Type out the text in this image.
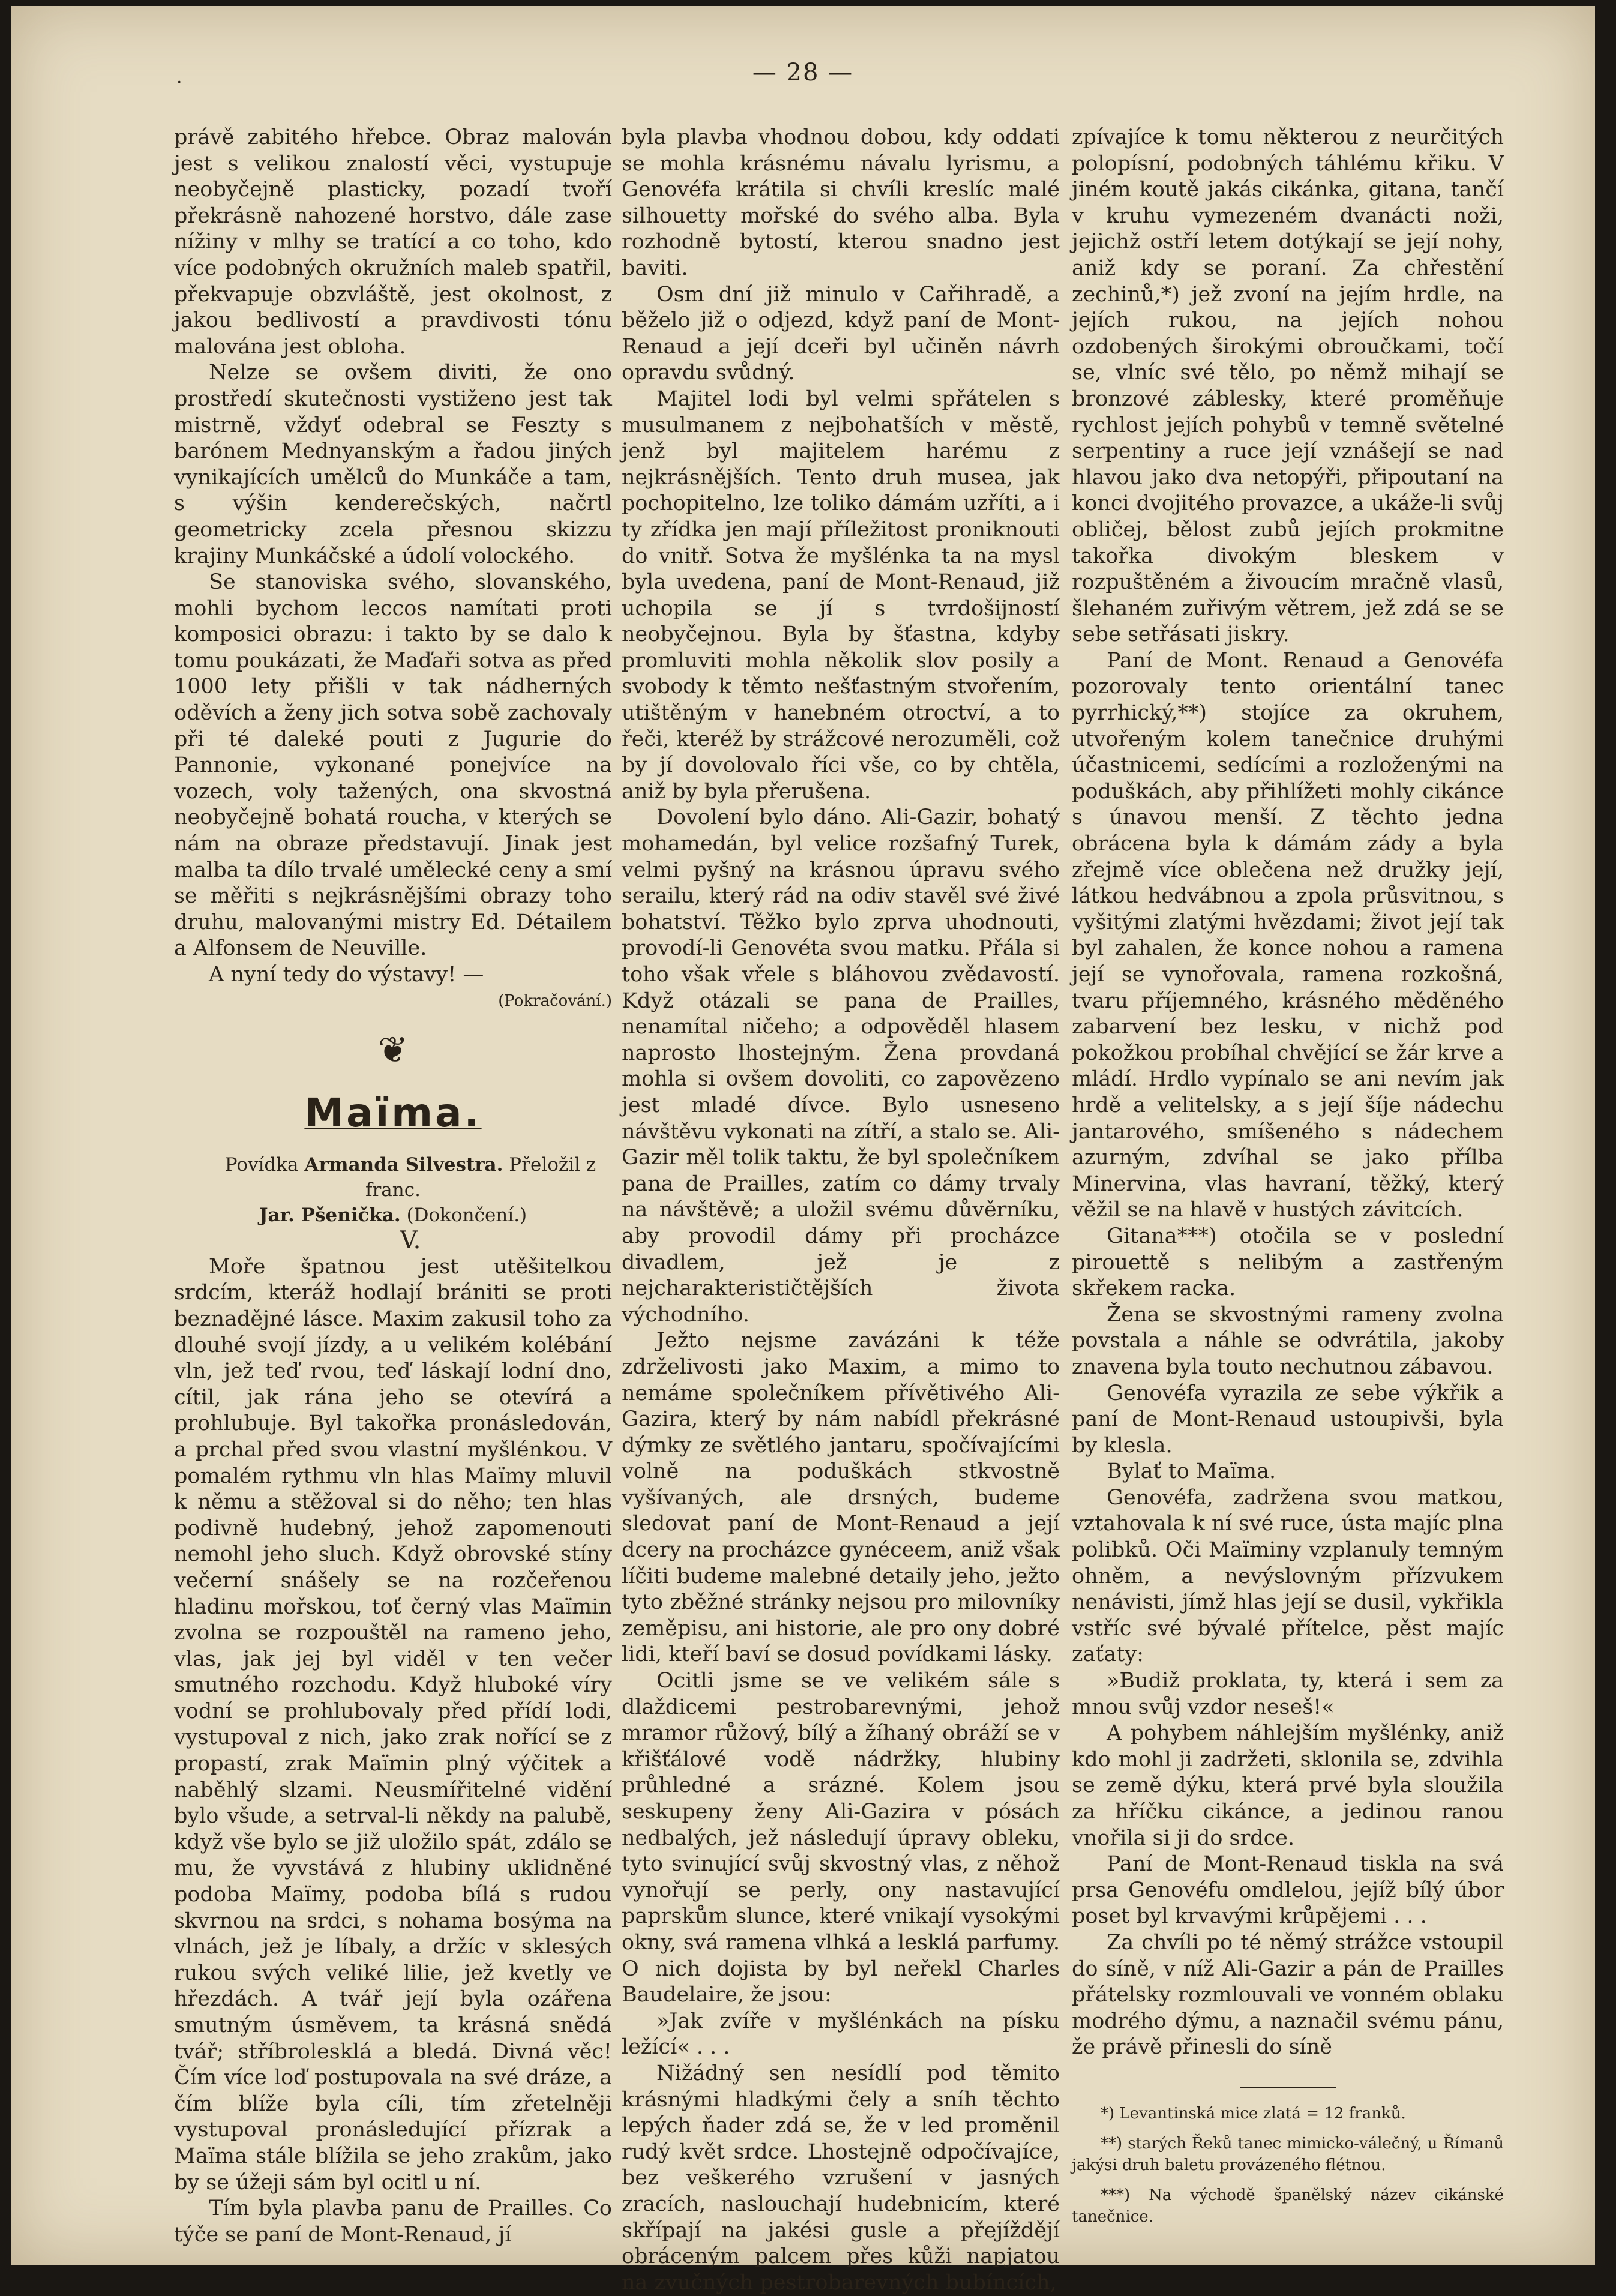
·	— 28 —

právě zabitého hřebce. Obraz malován jest s velikou znalostí věci, vystupuje neobyčejně plasticky, pozadí tvoří překrásně nahozené horstvo, dále zase nížiny v mlhy se tratící a co toho, kdo více podobných okružních maleb spatřil, překvapuje obzvláště, jest okolnost, z jakou bedlivostí a pravdivosti tónu malována jest obloha.

Nelze se ovšem diviti, že ono prostředí skutečnosti vystiženo jest tak mistrně, vždyť odebral se Feszty s barónem Mednyanským a řadou jiných vynikajících umělců do Munkáče a tam, s výšin kenderečských, načrtl geometricky zcela přesnou skizzu krajiny Munkáčské a údolí volockého.

Se stanoviska svého, slovanského, mohli bychom leccos namítati proti komposici obrazu: i takto by se dalo k tomu poukázati, že Maďaři sotva as před 1000 lety přišli v tak nádherných oděvích a ženy jich sotva sobě zachovaly při té daleké pouti z Jugurie do Pannonie, vykonané ponejvíce na vozech, voly tažených, ona skvostná neobyčejně bohatá roucha, v kterých se nám na obraze představují. Jinak jest malba ta dílo trvalé umělecké ceny a smí se měřiti s nejkrásnějšími obrazy toho druhu, malovanými mistry Ed. Détailem a Alfonsem de Neuville.

A nyní tedy do výstavy! —

(Pokračování.)

❦
Maïma.

Povídka Armanda Silvestra. Přeložil z franc.
Jar. Pšenička. (Dokončení.)

V.

Moře špatnou jest utěšitelkou srdcím, kteráž hodlají brániti se proti beznadějné lásce. Maxim zakusil toho za dlouhé svojí jízdy, a u velikém kolébání vln, jež teď rvou, teď láskají lodní dno, cítil, jak rána jeho se otevírá a prohlubuje. Byl takořka pronásledován, a prchal před svou vlastní myšlénkou. V pomalém rythmu vln hlas Maïmy mluvil k němu a stěžoval si do něho; ten hlas podivně hudebný, jehož zapomenouti nemohl jeho sluch. Když obrovské stíny večerní snášely se na rozčeřenou hladinu mořskou, toť černý vlas Maïmin zvolna se rozpouštěl na rameno jeho, vlas, jak jej byl viděl v ten večer smutného rozchodu. Když hluboké víry vodní se prohlubovaly před přídí lodi, vystupoval z nich, jako zrak nořící se z propastí, zrak Maïmin plný výčitek a naběhlý slzami. Neusmířitelné vidění bylo všude, a setrval-li někdy na palubě, když vše bylo se již uložilo spát, zdálo se mu, že vyvstává z hlubiny uklidněné podoba Maïmy, podoba bílá s rudou skvrnou na srdci, s nohama bosýma na vlnách, jež je líbaly, a držíc v sklesých rukou svých veliké lilie, jež kvetly ve hřezdách. A tvář její byla ozářena smutným úsměvem, ta krásná snědá tvář; stříbrolesklá a bledá. Divná věc! Čím více loď postupovala na své dráze, a čím blíže byla cíli, tím zřetelněji vystupoval pronásledující přízrak a Maïma stále blížila se jeho zrakům, jako by se úžeji sám byl ocitl u ní.

Tím byla plavba panu de Prailles. Co týče se paní de Mont-Renaud, jí

byla plavba vhodnou dobou, kdy oddati se mohla krásnému návalu lyrismu, a Genovéfa krátila si chvíli kreslíc malé silhouetty mořské do svého alba. Byla rozhodně bytostí, kterou snadno jest baviti.

Osm dní již minulo v Cařihradě, a běželo již o odjezd, když paní de Mont-Renaud a její dceři byl učiněn návrh opravdu svůdný.

Majitel lodi byl velmi spřátelen s musulmanem z nejbohatších v městě, jenž byl majitelem harému z nejkrásnějších. Tento druh musea, jak pochopitelno, lze toliko dámám uzříti, a i ty zřídka jen mají příležitost proniknouti do vnitř. Sotva že myšlénka ta na mysl byla uvedena, paní de Mont-Renaud, již uchopila se jí s tvrdošijností neobyčejnou. Byla by šťastna, kdyby promluviti mohla několik slov posily a svobody k těmto nešťastným stvořením, utištěným v hanebném otroctví, a to řeči, kteréž by strážcové nerozuměli, což by jí dovolovalo říci vše, co by chtěla, aniž by byla přerušena.

Dovolení bylo dáno. Ali-Gazir, bohatý mohamedán, byl velice rozšafný Turek, velmi pyšný na krásnou úpravu svého serailu, který rád na odiv stavěl své živé bohatství. Těžko bylo zprva uhodnouti, provodí-li Genovéta svou matku. Přála si toho však vřele s bláhovou zvědavostí. Když otázali se pana de Prailles, nenamítal ničeho; a odpověděl hlasem naprosto lhostejným. Žena provdaná mohla si ovšem dovoliti, co zapovězeno jest mladé dívce. Bylo usneseno návštěvu vykonati na zítří, a stalo se. Ali-Gazir měl tolik taktu, že byl společníkem pana de Prailles, zatím co dámy trvaly na návštěvě; a uložil svému důvěrníku, aby provodil dámy při procházce divadlem, jež je z nejcharakterističtějších života východního.

Ježto nejsme zavázáni k téže zdrželivosti jako Maxim, a mimo to nemáme společníkem přívětivého Ali-Gazira, který by nám nabídl překrásné dýmky ze světlého jantaru, spočívajícími volně na poduškách stkvostně vyšívaných, ale drsných, budeme sledovat paní de Mont-Renaud a její dcery na procházce gynéceem, aniž však líčiti budeme malebné detaily jeho, ježto tyto zběžné stránky nejsou pro milovníky zeměpisu, ani historie, ale pro ony dobré lidi, kteří baví se dosud povídkami lásky.

Ocitli jsme se ve velikém sále s dlaždicemi pestrobarevnými, jehož mramor růžový, bílý a žíhaný obráží se v křišťálové vodě nádržky, hlubiny průhledné a srázné. Kolem jsou seskupeny ženy Ali-Gazira v pósách nedbalých, jež následují úpravy obleku, tyto svinující svůj skvostný vlas, z něhož vynořují se perly, ony nastavující paprskům slunce, které vnikají vysokými okny, svá ramena vlhká a lesklá parfumy. O nich dojista by byl neřekl Charles Baudelaire, že jsou:

»Jak zvíře v myšlénkách na písku ležící« . . .

Nižádný sen nesídlí pod těmito krásnými hladkými čely a sníh těchto lepých ňader zdá se, že v led proměnil rudý květ srdce. Lhostejně odpočívajíce, bez veškerého vzrušení v jasných zracích, naslouchají hudebnicím, které skřípají na jakési gusle a přejíždějí obráceným palcem přes kůži napjatou na zvučných pestrobarevných bubíncích,

zpívajíce k tomu některou z neurčitých polopísní, podobných táhlému křiku. V jiném koutě jakás cikánka, gitana, tančí v kruhu vymezeném dvanácti noži, jejichž ostří letem dotýkají se její nohy, aniž kdy se poraní. Za chřestění zechinů,*) jež zvoní na jejím hrdle, na jejích rukou, na jejích nohou ozdobených širokými obroučkami, točí se, vlníc své tělo, po němž mihají se bronzové záblesky, které proměňuje rychlost jejích pohybů v temně světelné serpentiny a ruce její vznášejí se nad hlavou jako dva netopýři, připoutaní na konci dvojitého provazce, a ukáže-li svůj obličej, bělost zubů jejích prokmitne takořka divokým bleskem v rozpuštěném a živoucím mračně vlasů, šlehaném zuřivým větrem, jež zdá se se sebe setřásati jiskry.

Paní de Mont. Renaud a Genovéfa pozorovaly tento orientální tanec pyrrhický,**) stojíce za okruhem, utvořeným kolem tanečnice druhými účastnicemi, sedícími a rozloženými na poduškách, aby přihlížeti mohly cikánce s únavou menší. Z těchto jedna obrácena byla k dámám zády a byla zřejmě více oblečena než družky její, látkou hedvábnou a zpola průsvitnou, s vyšitými zlatými hvězdami; život její tak byl zahalen, že konce nohou a ramena její se vynořovala, ramena rozkošná, tvaru příjemného, krásného měděného zabarvení bez lesku, v nichž pod pokožkou probíhal chvějící se žár krve a mládí. Hrdlo vypínalo se ani nevím jak hrdě a velitelsky, a s její šíje nádechu jantarového, smíšeného s nádechem azurným, zdvíhal se jako přílba Minervina, vlas havraní, těžký, který věžil se na hlavě v hustých závitcích.

Gitana***) otočila se v poslední pirouettě s nelibým a zastřeným skřekem racka.

Žena se skvostnými rameny zvolna povstala a náhle se odvrátila, jakoby znavena byla touto nechutnou zábavou.

Genovéfa vyrazila ze sebe výkřik a paní de Mont-Renaud ustoupivši, byla by klesla.

Bylať to Maïma.

Genovéfa, zadržena svou matkou, vztahovala k ní své ruce, ústa majíc plna polibků. Oči Maïminy vzplanuly temným ohněm, a nevýslovným přízvukem nenávisti, jímž hlas její se dusil, vykřikla vstříc své bývalé přítelce, pěst majíc zaťaty:

»Budiž proklata, ty, která i sem za mnou svůj vzdor neseš!«

A pohybem náhlejším myšlénky, aniž kdo mohl ji zadržeti, sklonila se, zdvihla se země dýku, která prvé byla sloužila za hříčku cikánce, a jedinou ranou vnořila si ji do srdce.

Paní de Mont-Renaud tiskla na svá prsa Genovéfu omdlelou, jejíž bílý úbor poset byl krvavými krůpějemi . . .

Za chvíli po té němý strážce vstoupil do síně, v níž Ali-Gazir a pán de Prailles přátelsky rozmlouvali ve vonném oblaku modrého dýmu, a naznačil svému pánu, že právě přinesli do síně

*) Levantinská mice zlatá = 12 franků.

**) starých Řeků tanec mimicko-válečný, u Římanů jakýsi druh baletu provázeného flétnou.

***) Na východě španělský název cikánské tanečnice.
